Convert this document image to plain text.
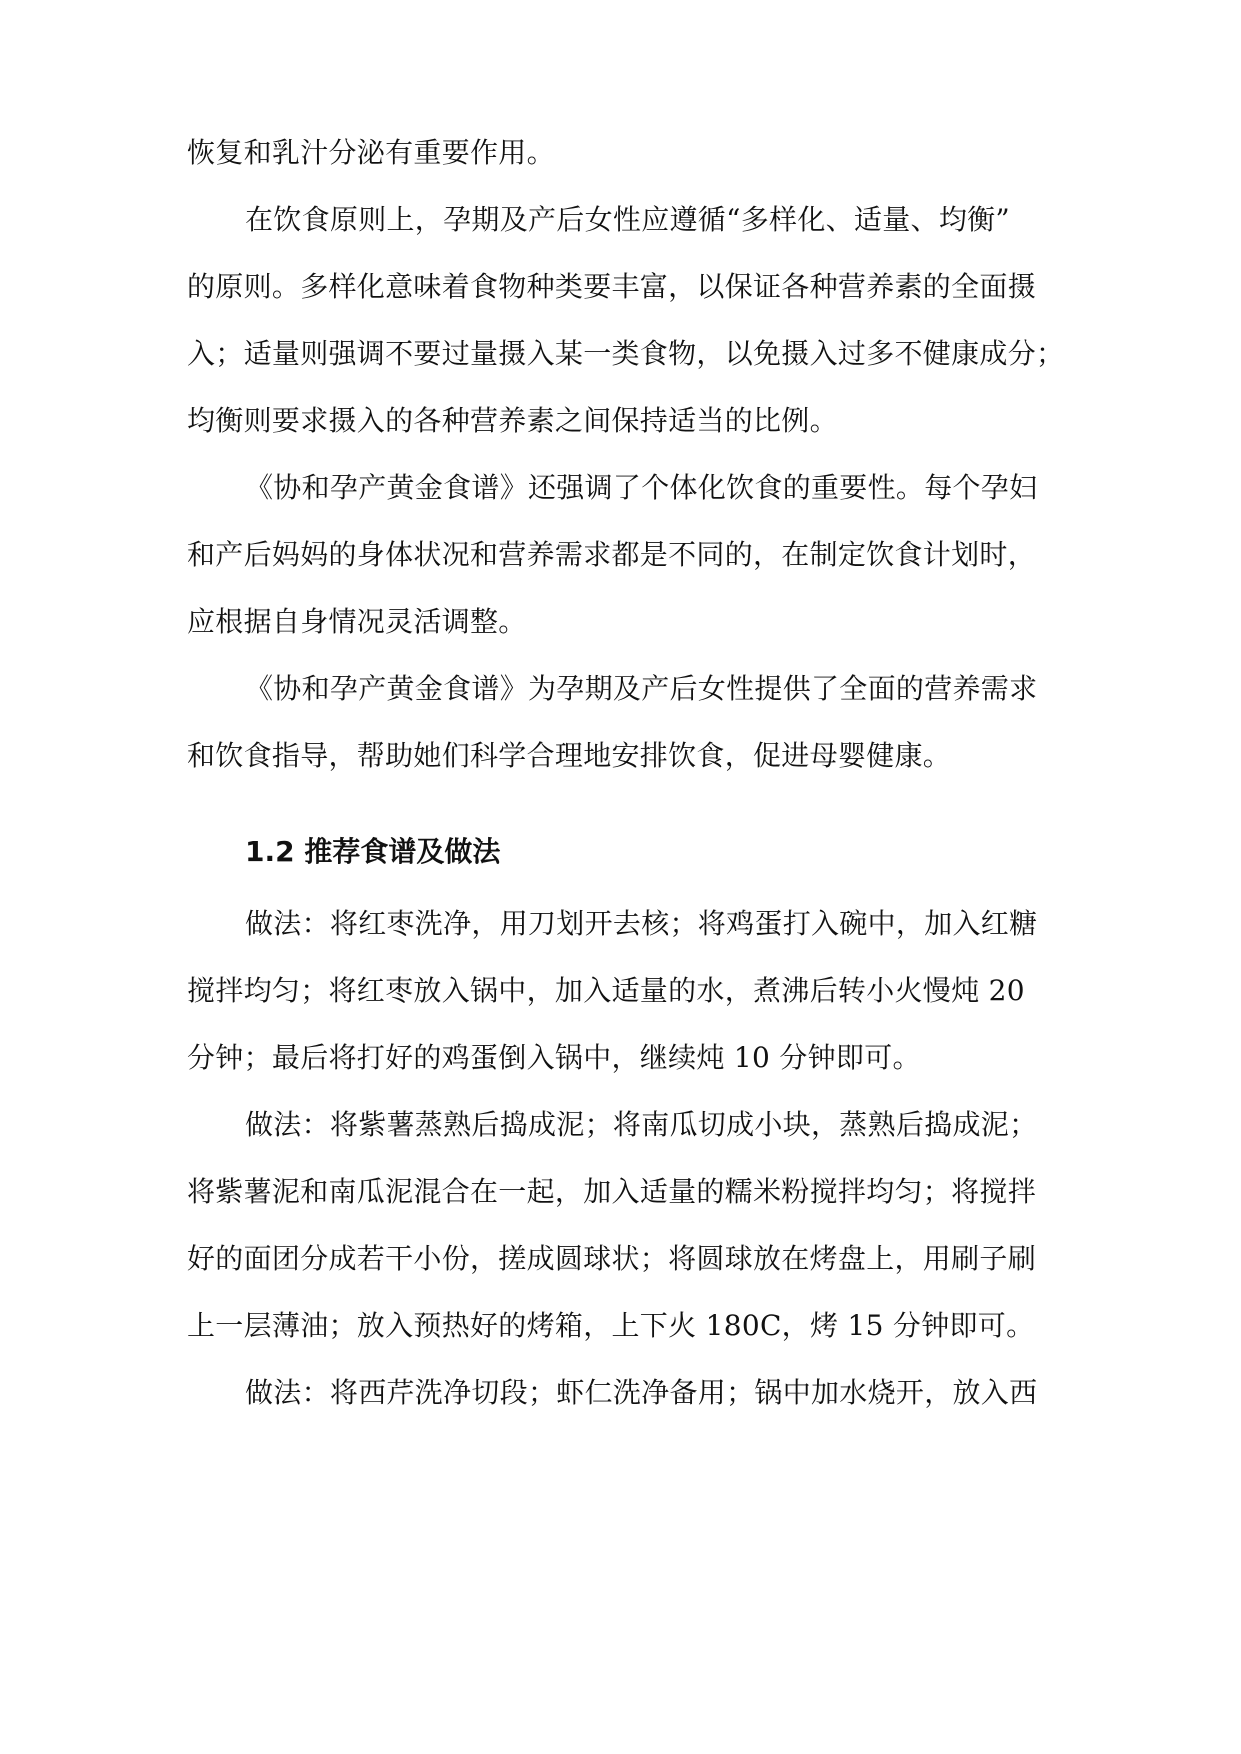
恢复和乳汁分泌有重要作用。
在饮食原则上，孕期及产后女性应遵循“多样化、适量、均衡”
的原则。多样化意味着食物种类要丰富，以保证各种营养素的全面摄
入；适量则强调不要过量摄入某一类食物，以免摄入过多不健康成分；
均衡则要求摄入的各种营养素之间保持适当的比例。
《协和孕产黄金食谱》还强调了个体化饮食的重要性。每个孕妇
和产后妈妈的身体状况和营养需求都是不同的，在制定饮食计划时，
应根据自身情况灵活调整。
《协和孕产黄金食谱》为孕期及产后女性提供了全面的营养需求
和饮食指导，帮助她们科学合理地安排饮食，促进母婴健康。
1.2 推荐食谱及做法
做法：将红枣洗净，用刀划开去核；将鸡蛋打入碗中，加入红糖
搅拌均匀；将红枣放入锅中，加入适量的水，煮沸后转小火慢炖 20
分钟；最后将打好的鸡蛋倒入锅中，继续炖 10 分钟即可。
做法：将紫薯蒸熟后捣成泥；将南瓜切成小块，蒸熟后捣成泥；
将紫薯泥和南瓜泥混合在一起，加入适量的糯米粉搅拌均匀；将搅拌
好的面团分成若干小份，搓成圆球状；将圆球放在烤盘上，用刷子刷
上一层薄油；放入预热好的烤箱，上下火 180C，烤 15 分钟即可。
做法：将西芹洗净切段；虾仁洗净备用；锅中加水烧开，放入西
